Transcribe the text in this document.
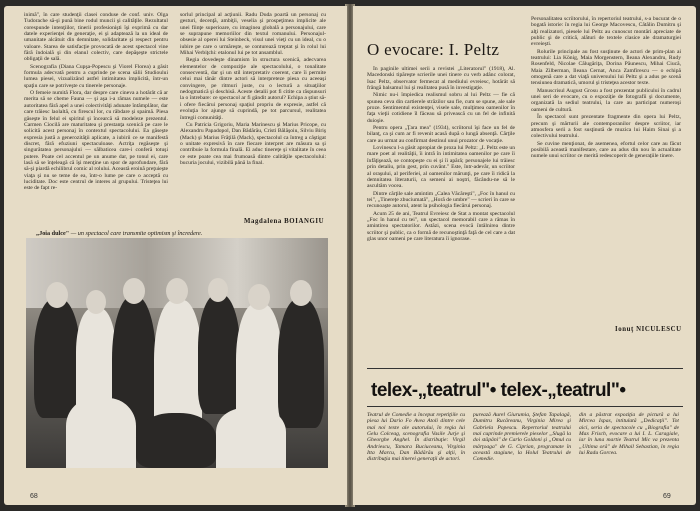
inimă", în care studenţii clasei conduse de conf. univ. Olga Tudorache să-şi pună bine rodul ​muncii ​şi ​calităţile. Rezultatul corespunde intenţiilor, tinerii profesionişti îşi exprimă cu dar datele experienţei de generaţie, ei şi adaptează la un ideal de umanitate alcătuit din demnitate, solidaritate şi respect pentru valoare. Starea de satisfacţie provocată de acest spectacol vine fără îndoială şi din elanul colectiv, care depăşeşte strictele obligaţii de sală.

Scenografia (Diana Cupşa-Popescu şi Viorel Florea) a găsit formula adecvată pentru a cuprinde pe scena sălii Studioului lumea piesei, vizualizând astfel intimitatea implicită, într-un spaţiu care se potriveşte cu tinerele personaje.

O femeie numită Flora, dar despre care cineva a hotărât că ar merita să se cheme Fauna — şi aşa i-a rămas numele — este autoritatea fără apel a unei colectivităţi adunate întâmplător, dar care trăiesc laolaltă, cu firescul lor, cu răbdare şi spaimă. Piesa găseşte în felul ei spiritul şi încearcă să modeleze prezentul. Carmen Ciocilă are maturitatea şi prestanţa scenică pe care le solicită acest personaj în contextul spectacolului. Ea găseşte expresia justă a generozităţii aplicate, a iubirii ce se manifestă discret, fără efuziuni spectaculoase. Actriţa regăseşte şi singurătatea personajului — sălbaticea care-i conferă totuşi putere. Poate cel accentul pe un anume dar, pe tonul ei, care lasă să se înţeleagă că îşi menţine un spor de aprofundare, fără să-şi piardă echilibrul comic al rolului. Această eroină preţuieşte viaţa şi nu se teme de ea, într-o lume pe care o acceptă cu luciditate. Doc este centrul de interes al grupului. Tristeţea lui este de fapt re-

sorlul principal al acţiunii. Radu Duda poartă un personaj cu gesturi, decenţă, ambiţii, veselia şi prospeţimea implicite ale unei fiinţe superioare, cu imaginea globală a personajului, care se suprapune memoriilor din textul romanului. Personajul-obsesie al operei lui Steinbeck, visul unei vieţi cu un ideal, cu o iubire pe care o urmăreşte, se conturează treptat şi în rolul lui Mihai Verbiţchi: etalonul lui pe tot ansamblul.

Regia dovedeşte dinamism în structura scenică, adecvarea elementelor de compoziţie ale spectacolului, o tonalitate consecventă, dar şi un stil interpretativ coerent, care îi permite celui mai tânăr dintre actori să interpreteze piesa cu aceeaşi convingere, pe ritmuri juste, cu o lectură a situaţiilor nedogmatică şi deschisă. Aceste detalii pot fi citite ca răspunsuri la o întrebare: ce spectacol ar fi gândit autorul? Echipa a ştiut să-i ofere fiecărui personaj spaţiul propriu de expresie, astfel că evoluţia lor ajunge să cuprindă, pe tot parcursul, realitatea întregii comunităţi.

Cu Patricia Grigoriu, Maria Marinescu şi Marius Pricope, cu Alexandru Papadopol, Dan Bădărău, Cristi Bălăşoiu, Silviu Biriş (Mack) şi Marius Frăţilă (Mack), spectacolul ca întreg a câştigat o unitate expresivă în care fiecare interpret are măsura sa şi contribuie la formula finală. Ei aduc tinereţe şi vitalitate în ceea ce este poate cea mai frumoasă dintre calităţile spectacolului: bucuria jocului, vizibilă până la final.

Magdalena BOIANGIU
„Joia dulce" — un spectacol care transmite optimism şi încredere.
68
O evocare: I. Peltz

În paginile ultimei serii a revistei „Literatorul" (1918), Al. Macedonski tipăreşte scrierile unei tinere cu verb adânc colorat, Isac Peltz, observator fermecat al mediului evreiesc, hotărât să frângă balsamul lui şi realitatea pusă în investigaţie.

Nimic nu-i împiedica realismul sobru al lui Peltz — fie că spunea ceva din cartierele străzilor sau fie, cum se spune, ale sale proze. Sentimentul existenţei, visele sale, mulţimea oamenilor în faţa vieţii cotidiene îl făceau să privească cu un fel de infinită duioşie.

Pentru opera „Ţara mea" (1934), scriitorul îşi face un fel de bilanţ, ca şi cum ar fi revenit acasă după o lungă absenţă. Cărţile care au urmat au confirmat destinul unui prozator de vocaţie.

Lovinescu l-a găsit apropiat de proza lui Peltz: „I. Peltz este un mare poet al realităţii, îi intră în intimitatea oamenilor pe care îi înfăţişează, se contopeşte cu ei şi îi apără; personajele lui trăiesc prin detaliu, prin gest, prin cuvânt." Este, într-adevăr, un scriitor al oraşului, al periferiei, al oamenilor mărunţi, pe care îi ridică la demnitatea literaturii, ca semeni ai noştri, făcându-ne să le ascultăm vocea.

Dintre cărţile sale amintim „Calea Văcăreşti", „Foc în hanul cu tei", „Tinereţe zbuciumată", „Horă de umbre" — scrieri în care se recunoaşte autorul, atent la psihologia fiecărui personaj.

Acum 25 de ani, Teatrul Evreiesc de Stat a montat spectacolul „Foc în hanul cu tei", un spectacol memorabil care a rămas în amintirea spectatorilor. Astăzi, scena evocă întâlnirea dintre scriitor şi public, ca o formă de recunoştinţă faţă de cel care a dat glas unor oameni pe care literatura îi ignorase.

Personalitatea scriitorului, în repertoriul teatrului, s-a bucurat de o bogată istorie: în regia lui George Macovescu, Cătălin Dumitru şi alţi realizatori, piesele lui Peltz au cunoscut montări apreciate de public şi de critică, alături de textele clasice ale dramaturgiei evreieşti.

Rolurile principale au fost susţinute de actori de prim-plan ai teatrului: Lia König, Maia Morgenstern, Ileana Alexandru, Rudy Rosenfeld, Nicolae Călugăriţa, Dorina Păunescu, Mihai Ciucă, Maia Zilberman, Ileana Cernat, Anca Zamfirescu — o echipă omogenă care a dat viaţă universului lui Peltz şi a adus pe scenă tensiunea dramatică, umorul şi tristeţea acestor texte.

Manuscrisul August Grosu a fost prezentat publicului în cadrul unei seri de evocare, cu o expoziţie de fotografii şi documente, organizată la sediul teatrului, la care au participat numeroşi oameni de cultură.

În spectacol sunt prezentate fragmente din opera lui Peltz, precum şi mărturii ale contemporanilor despre scriitor, iar atmosfera serii a fost susţinută de muzica lui Haim Sinai şi a colectivului teatrului.

Se cuvine menţionat, de asemenea, efortul celor care au făcut posibilă această manifestare, care au adus din nou în actualitate numele unui scriitor ce merită redescoperit de generaţiile tinere.

Ionuţ NICULESCU
telex-„teatrul"• telex-„teatrul"•
Teatrul de Comedie a început repetiţiile cu piesa lui Dario Fo Avea Atoli dintre cele mai noi texte ale autorului, în regia lui Gelu Colceag, scenografia Vasile Jurje şi Gheorghe Anghel. În distribuţie: Virgil Andriescu, Tamara Buciuceanu, Virginia Itta Marcu, Dan Bădărău şi alţii, în distribuţia mai tinerei generaţii de actori.
purează Aurel Giurumia, Ştefan Tapalagă, Dumitru Rucăreanu, Virginia Mirea şi Gabriela Popescu. Repertoriul teatrului mai cuprinde premierele pieselor „Slugă la doi stăpâni" de Carlo Goldoni şi „Omul cu mârţoaga" de G. Ciprian, programate în această stagiune, la Holul Teatrului de Comedie.
din a păstrat expoziţia de pictură a lui Mircea Ispas, intitulată „Dedicaţii". Tot aici, seria de spectacole cu „Biografia" de Max Frisch, evocare a lui I. L. Caragiale, iar în luna martie Teatrul Mic va prezenta „Ultima oră" de Mihail Sebastian, în regia lui Radu Gorcea.
69
